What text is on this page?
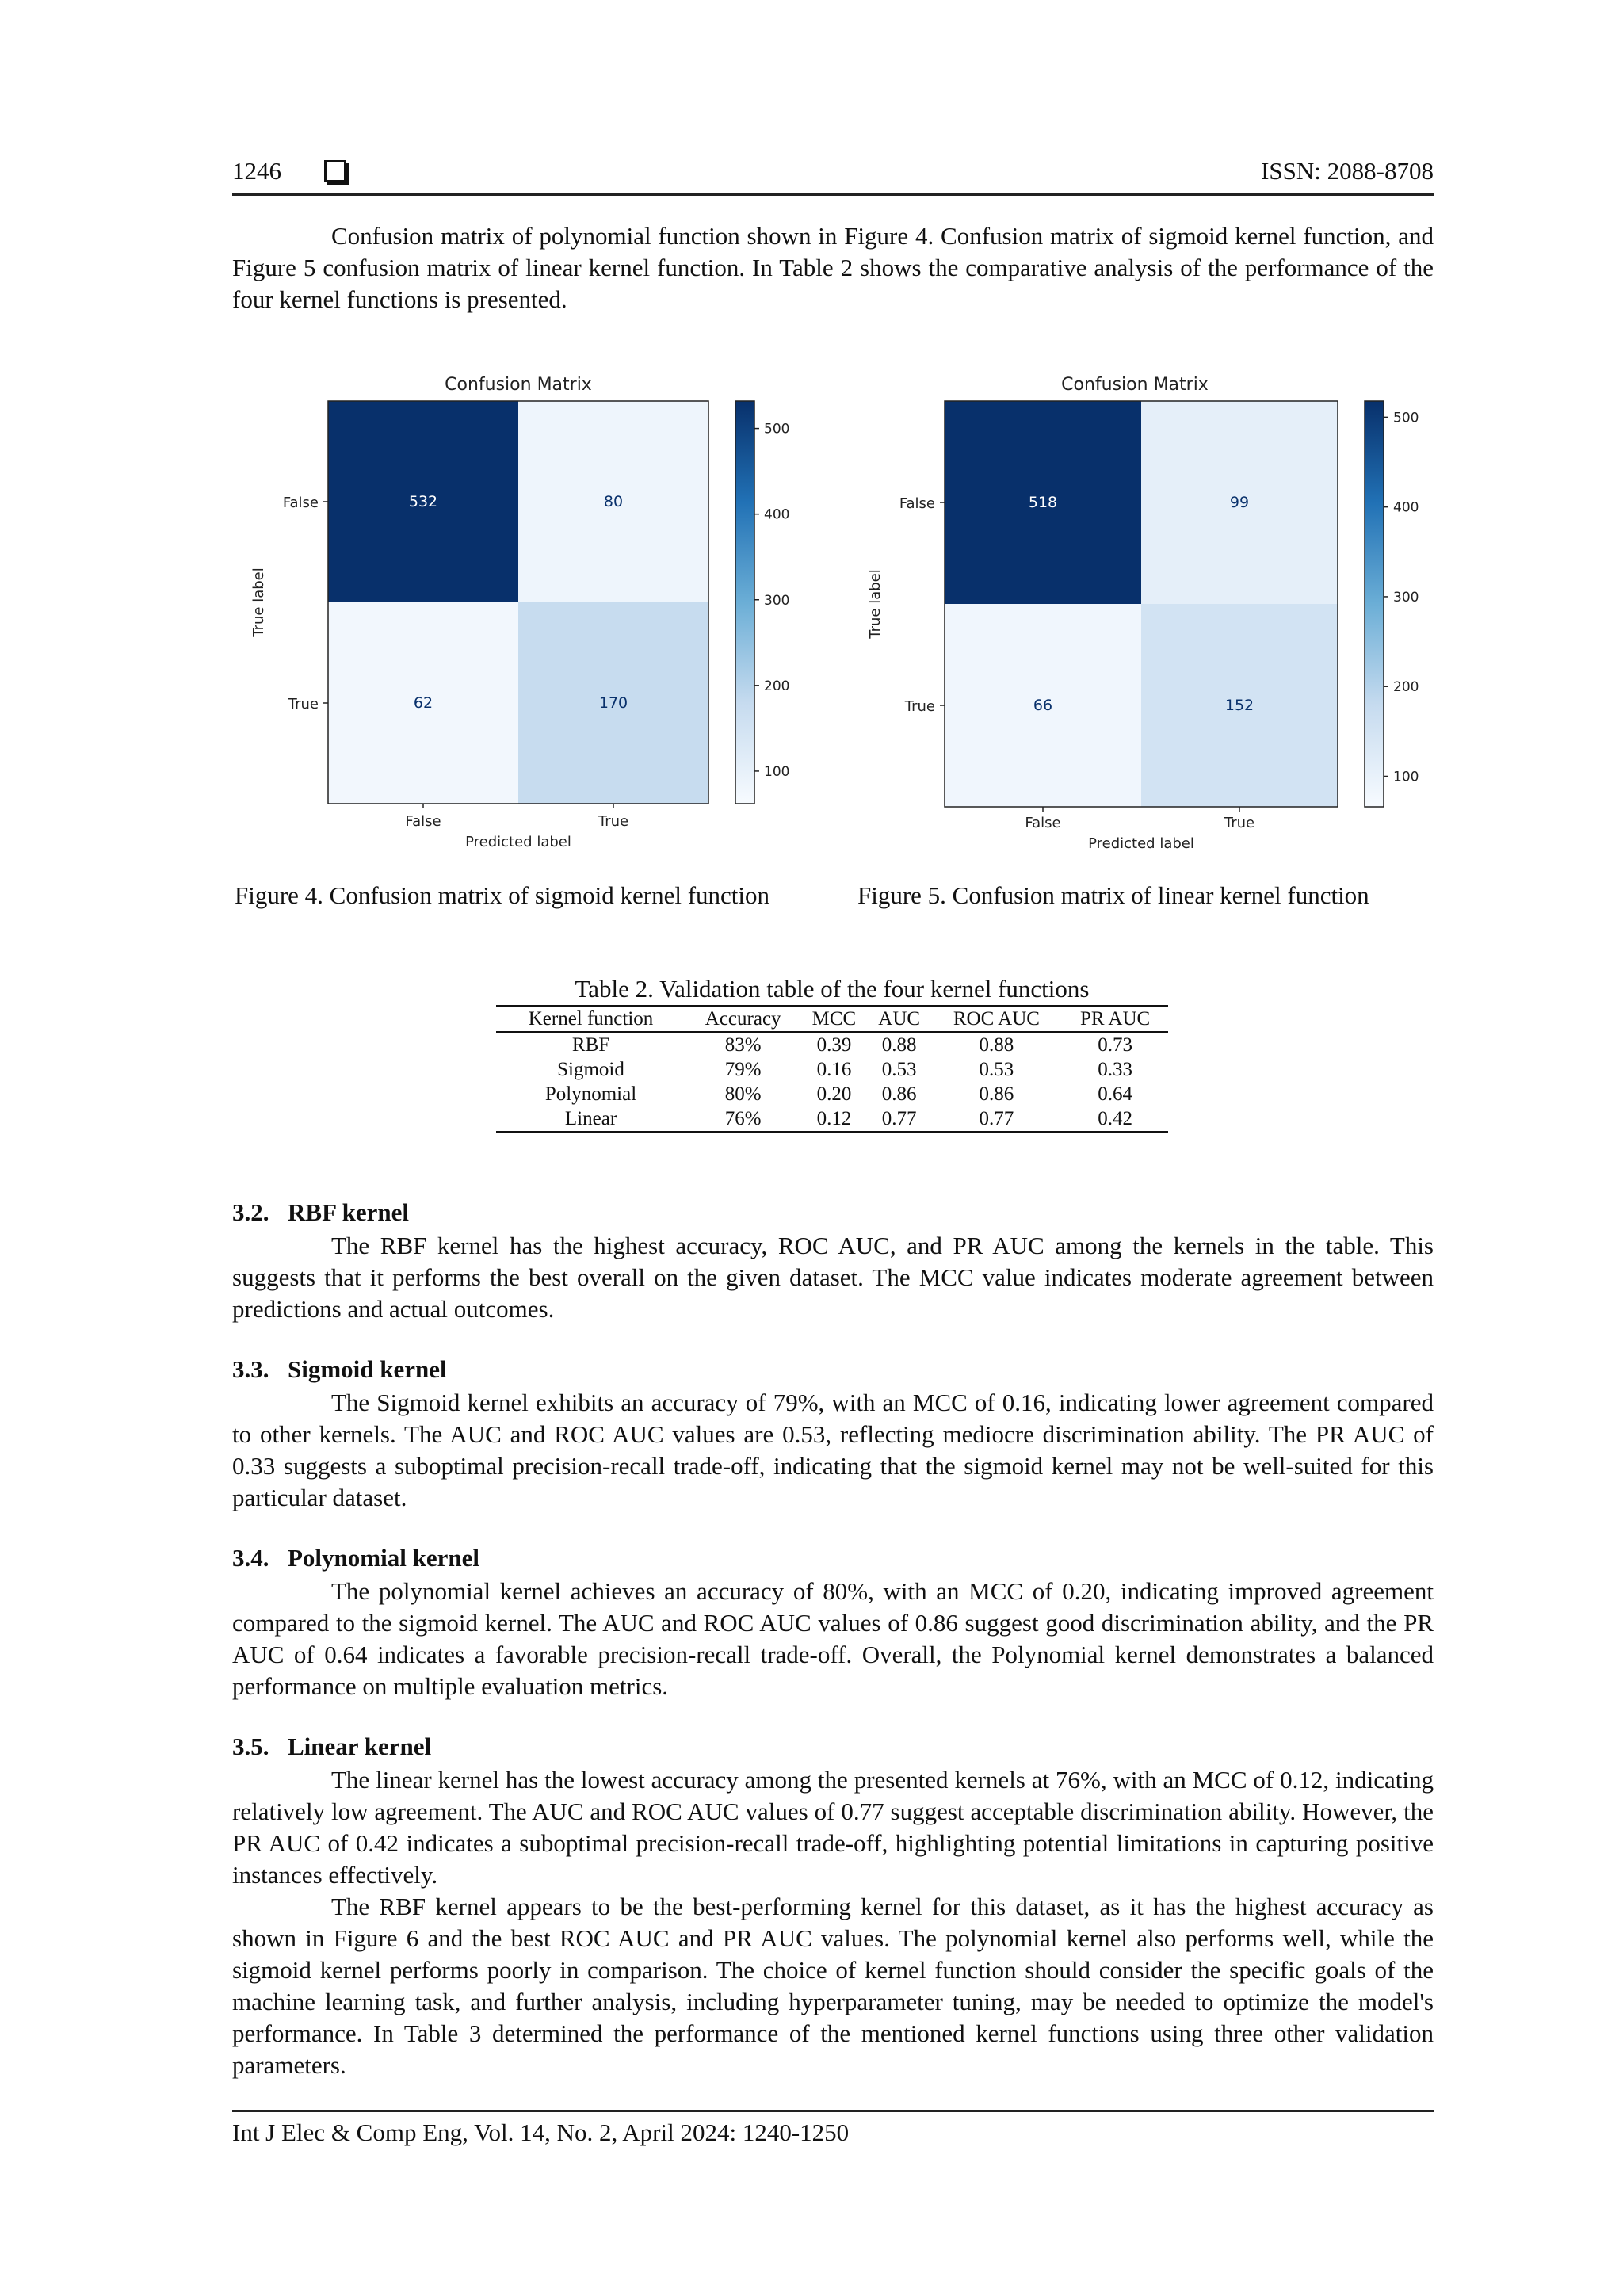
1246	ISSN: 2088-8708

Confusion matrix of polynomial function shown in Figure 4. Confusion matrix of sigmoid kernel function, and Figure 5 confusion matrix of linear kernel function. In Table 2 shows the comparative analysis of the performance of the four kernel functions is presented.

Confusion Matrix
532	80
62	170
False
True
False	True
Predicted label
True label
100
200
300
400
500
Confusion Matrix
518	99
66	152
False
True
False	True
Predicted label
True label
100
200
300
400
500
Figure 4. Confusion matrix of sigmoid kernel function	Figure 5. Confusion matrix of linear kernel function
Table 2. Validation table of the four kernel functions
Kernel function	Accuracy	MCC	AUC	ROC AUC	PR AUC
RBF	83%	0.39	0.88	0.88	0.73
Sigmoid	79%	0.16	0.53	0.53	0.33
Polynomial	80%	0.20	0.86	0.86	0.64
Linear	76%	0.12	0.77	0.77	0.42
3.2. RBF kernel

The RBF kernel has the highest accuracy, ROC AUC, and PR AUC among the kernels in the table. This suggests that it performs the best overall on the given dataset. The MCC value indicates moderate agreement between predictions and actual outcomes.

3.3. Sigmoid kernel

The Sigmoid kernel exhibits an accuracy of 79%, with an MCC of 0.16, indicating lower agreement compared to other kernels. The AUC and ROC AUC values are 0.53, reflecting mediocre discrimination ability. The PR AUC of 0.33 suggests a suboptimal precision-recall trade-off, indicating that the sigmoid kernel may not be well-suited for this particular dataset.

3.4. Polynomial kernel

The polynomial kernel achieves an accuracy of 80%, with an MCC of 0.20, indicating improved agreement compared to the sigmoid kernel. The AUC and ROC AUC values of 0.86 suggest good discrimination ability, and the PR AUC of 0.64 indicates a favorable precision-recall trade-off. Overall, the Polynomial kernel demonstrates a balanced performance on multiple evaluation metrics.

3.5. Linear kernel

The linear kernel has the lowest accuracy among the presented kernels at 76%, with an MCC of 0.12, indicating relatively low agreement. The AUC and ROC AUC values of 0.77 suggest acceptable discrimination ability. However, the PR AUC of 0.42 indicates a suboptimal precision-recall trade-off, highlighting potential limitations in capturing positive instances effectively.

The RBF kernel appears to be the best-performing kernel for this dataset, as it has the highest accuracy as shown in Figure 6 and the best ROC AUC and PR AUC values. The polynomial kernel also performs well, while the sigmoid kernel performs poorly in comparison. The choice of kernel function should consider the specific goals of the machine learning task, and further analysis, including hyperparameter tuning, may be needed to optimize the model's performance. In Table 3 determined the performance of the mentioned kernel functions using three other validation parameters.

Int J Elec & Comp Eng, Vol. 14, No. 2, April 2024: 1240-1250
